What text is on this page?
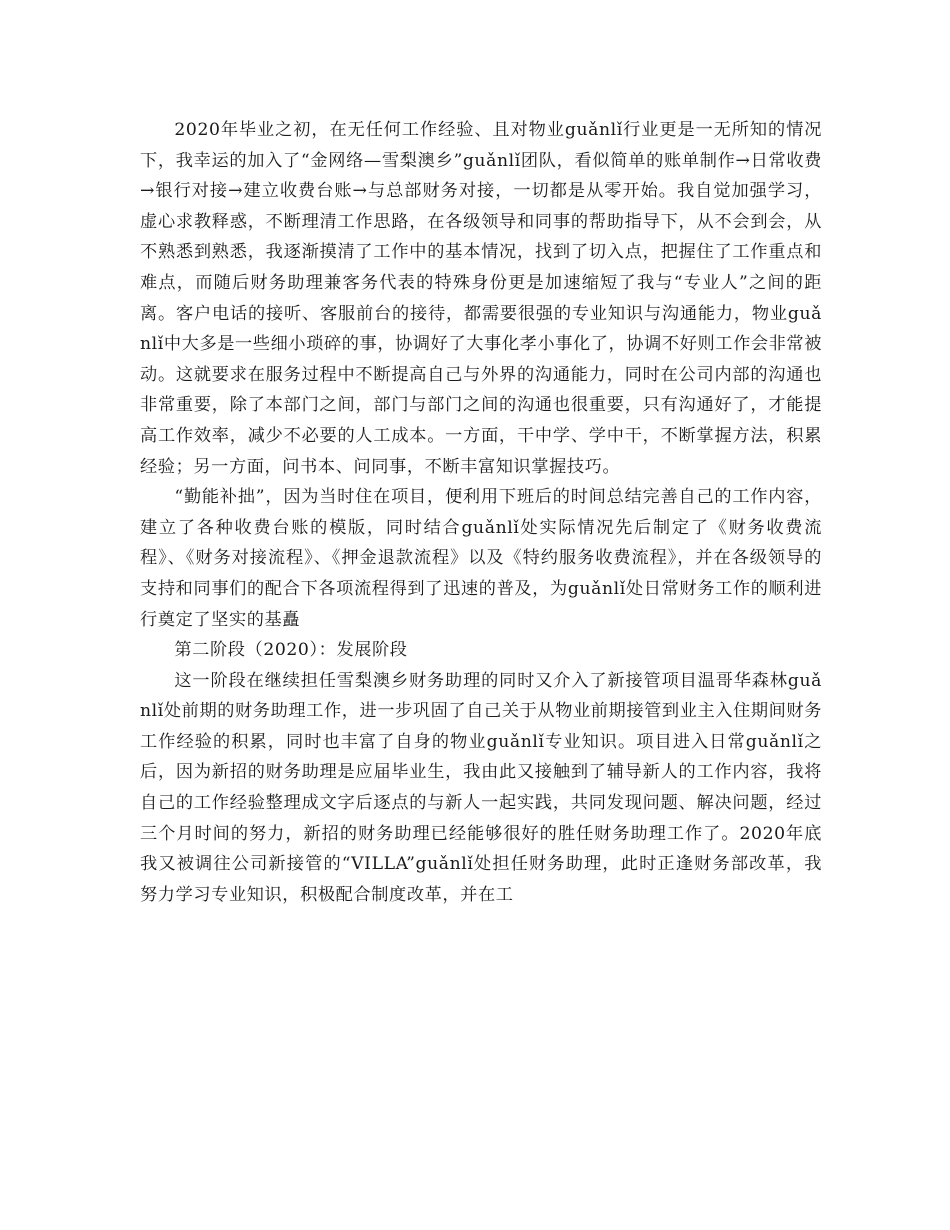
2020年毕业之初，在无任何工作经验、且对物业guǎnlǐ行业更是一无所知的情况下，我幸运的加入了“金网络—雪梨澳乡”guǎnlǐ团队，看似简单的账单制作→日常收费→银行对接→建立收费台账→与总部财务对接，一切都是从零开始。我自觉加强学习，虚心求教释惑，不断理清工作思路，在各级领导和同事的帮助指导下，从不会到会，从不熟悉到熟悉，我逐渐摸清了工作中的基本情况，找到了切入点，把握住了工作重点和难点，而随后财务助理兼客务代表的特殊身份更是加速缩短了我与“专业人”之间的距离。客户电话的接听、客服前台的接待，都需要很强的专业知识与沟通能力，物业guǎnlǐ中大多是一些细小琐碎的事，协调好了大事化孝小事化了，协调不好则工作会非常被动。这就要求在服务过程中不断提高自己与外界的沟通能力，同时在公司内部的沟通也非常重要，除了本部门之间，部门与部门之间的沟通也很重要，只有沟通好了，才能提高工作效率，减少不必要的人工成本。一方面，干中学、学中干，不断掌握方法，积累经验；另一方面，问书本、问同事，不断丰富知识掌握技巧。

“勤能补拙”，因为当时住在项目，便利用下班后的时间总结完善自己的工作内容，建立了各种收费台账的模版，同时结合guǎnlǐ处实际情况先后制定了《财务收费流程》、《财务对接流程》、《押金退款流程》以及《特约服务收费流程》，并在各级领导的支持和同事们的配合下各项流程得到了迅速的普及，为guǎnlǐ处日常财务工作的顺利进行奠定了坚实的基矗

第二阶段（2020）：发展阶段

这一阶段在继续担任雪梨澳乡财务助理的同时又介入了新接管项目温哥华森林guǎnlǐ处前期的财务助理工作，进一步巩固了自己关于从物业前期接管到业主入住期间财务工作经验的积累，同时也丰富了自身的物业guǎnlǐ专业知识。项目进入日常guǎnlǐ之后，因为新招的财务助理是应届毕业生，我由此又接触到了辅导新人的工作内容，我将自己的工作经验整理成文字后逐点的与新人一起实践，共同发现问题、解决问题，经过三个月时间的努力，新招的财务助理已经能够很好的胜任财务助理工作了。2020年底我又被调往公司新接管的“VILLA”guǎnlǐ处担任财务助理，此时正逢财务部改革，我努力学习专业知识，积极配合制度改革，并在工
